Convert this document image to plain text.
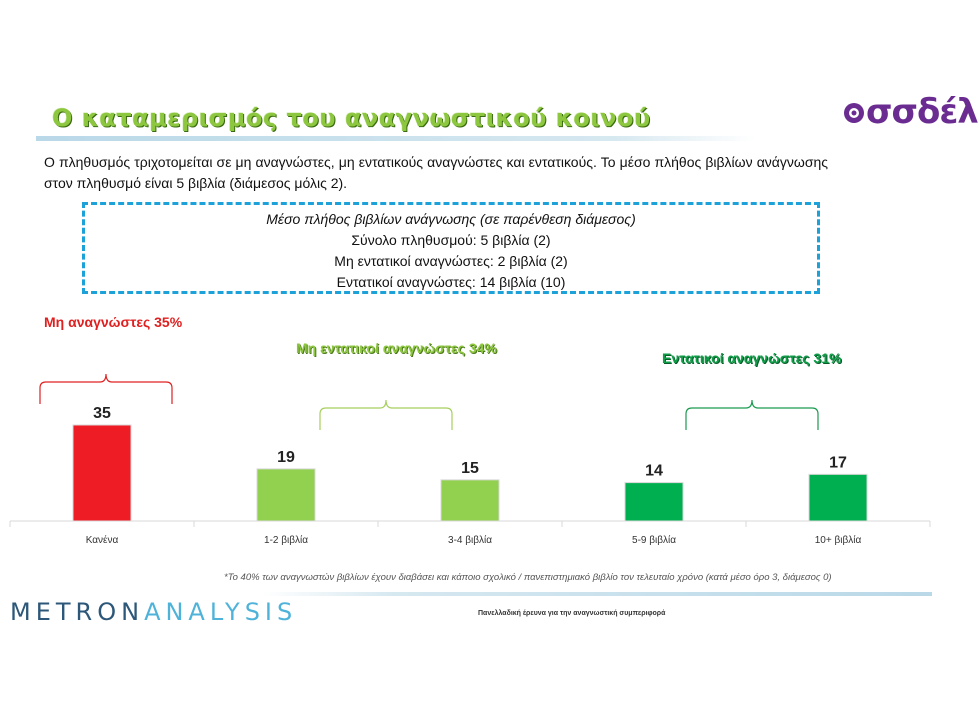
Ο καταμερισμός του αναγνωστικού κοινού	σσδέλ
Ο πληθυσμός τριχοτομείται σε μη αναγνώστες, μη εντατικούς αναγνώστες και εντατικούς. Το μέσο πλήθος βιβλίων ανάγνωσης στον πληθυσμό είναι 5 βιβλία (διάμεσος μόλις 2).
Μέσο πλήθος βιβλίων ανάγνωσης (σε παρένθεση διάμεσος)
Σύνολο πληθυσμού: 5 βιβλία (2)
Μη εντατικοί αναγνώστες: 2 βιβλία (2)
Εντατικοί αναγνώστες: 14 βιβλία (10)
Μη αναγνώστες 35%
Μη εντατικοί αναγνώστες 34%
Εντατικοί αναγνώστες 31%
35
19
15	14	17
Κανένα	1-2 βιβλία	3-4 βιβλία	5-9 βιβλία	10+ βιβλία
*Το 40% των αναγνωστών βιβλίων έχουν διαβάσει και κάποιο σχολικό / πανεπιστημιακό βιβλίο τον τελευταίο χρόνο (κατά μέσο όρο 3, διάμεσος 0)
METRONANALYSIS	Πανελλαδική έρευνα για την αναγνωστική συμπεριφορά
